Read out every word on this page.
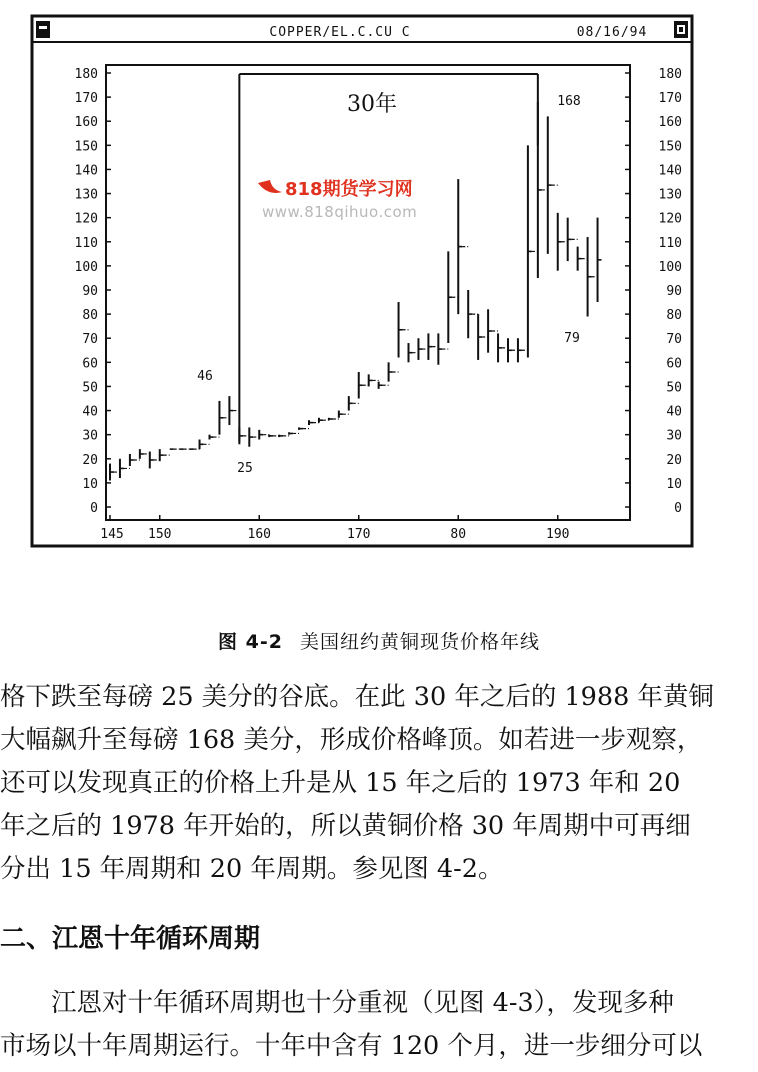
COPPER/EL.C.CU C	08/16/94
0
10
20
30
40
50
60
70
80
90
100
110
120
130
140
150
160
170
180
0
10
20
30
40
50
60
70
80
90
100
110
120
130
140
150
160
170
180
145 150	160	170	80	190
46
25
168
79
30年
818期货学习网
www.818qihuo.com
图 4-2 美国纽约黄铜现货价格年线
格下跌至每磅 25 美分的谷底。在此 30 年之后的 1988 年黄铜
大幅飙升至每磅 168 美分，形成价格峰顶。如若进一步观察，
还可以发现真正的价格上升是从 15 年之后的 1973 年和 20
年之后的 1978 年开始的，所以黄铜价格 30 年周期中可再细
分出 15 年周期和 20 年周期。参见图 4-2。
二、江恩十年循环周期
　　江恩对十年循环周期也十分重视（见图 4-3），发现多种
市场以十年周期运行。十年中含有 120 个月，进一步细分可以
